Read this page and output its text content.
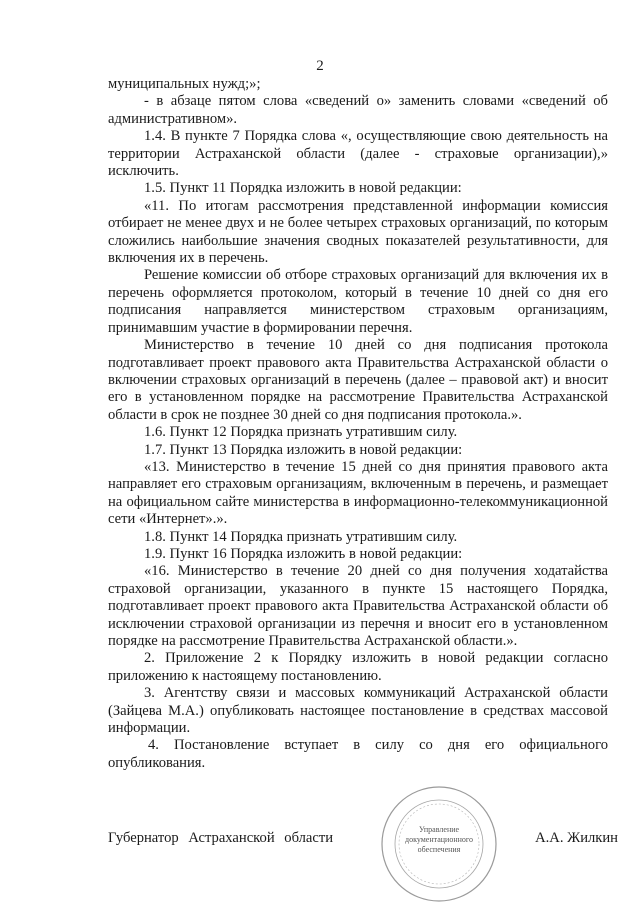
2

муниципальных нужд;»;

- в абзаце пятом слова «сведений о» заменить словами «сведений об административном».

1.4. В пункте 7 Порядка слова «, осуществляющие свою деятельность на территории Астраханской области (далее - страховые организации),» исключить.

1.5. Пункт 11 Порядка изложить в новой редакции:

«11. По итогам рассмотрения представленной информации комиссия отбирает не менее двух и не более четырех страховых организаций, по которым сложились наибольшие значения сводных показателей результативности, для включения их в перечень.

Решение комиссии об отборе страховых организаций для включения их в перечень оформляется протоколом, который в течение 10 дней со дня его подписания направляется министерством страховым организациям, принимавшим участие в формировании перечня.

Министерство в течение 10 дней со дня подписания протокола подготавливает проект правового акта Правительства Астраханской области о включении страховых организаций в перечень (далее – правовой акт) и вносит его в установленном порядке на рассмотрение Правительства Астраханской области в срок не позднее 30 дней со дня подписания протокола.».

1.6. Пункт 12 Порядка признать утратившим силу.

1.7. Пункт 13 Порядка изложить в новой редакции:

«13. Министерство в течение 15 дней со дня принятия правового акта направляет его страховым организациям, включенным в перечень, и размещает на официальном сайте министерства в информационно-телекоммуникационной сети «Интернет».».

1.8. Пункт 14 Порядка признать утратившим силу.

1.9. Пункт 16 Порядка изложить в новой редакции:

«16. Министерство в течение 20 дней со дня получения ходатайства страховой организации, указанного в пункте 15 настоящего Порядка, подготавливает проект правового акта Правительства Астраханской области об исключении страховой организации из перечня и вносит его в установленном порядке на рассмотрение Правительства Астраханской области.».

2. Приложение 2 к Порядку изложить в новой редакции согласно приложению к настоящему постановлению.

3. Агентству связи и массовых коммуникаций Астраханской области (Зайцева М.А.) опубликовать настоящее постановление в средствах массовой информации.

4. Постановление вступает в силу со дня его официального опубликования.

Губернатор Астраханской области	А.А. Жилкин
Управление
документационного
обеспечения
